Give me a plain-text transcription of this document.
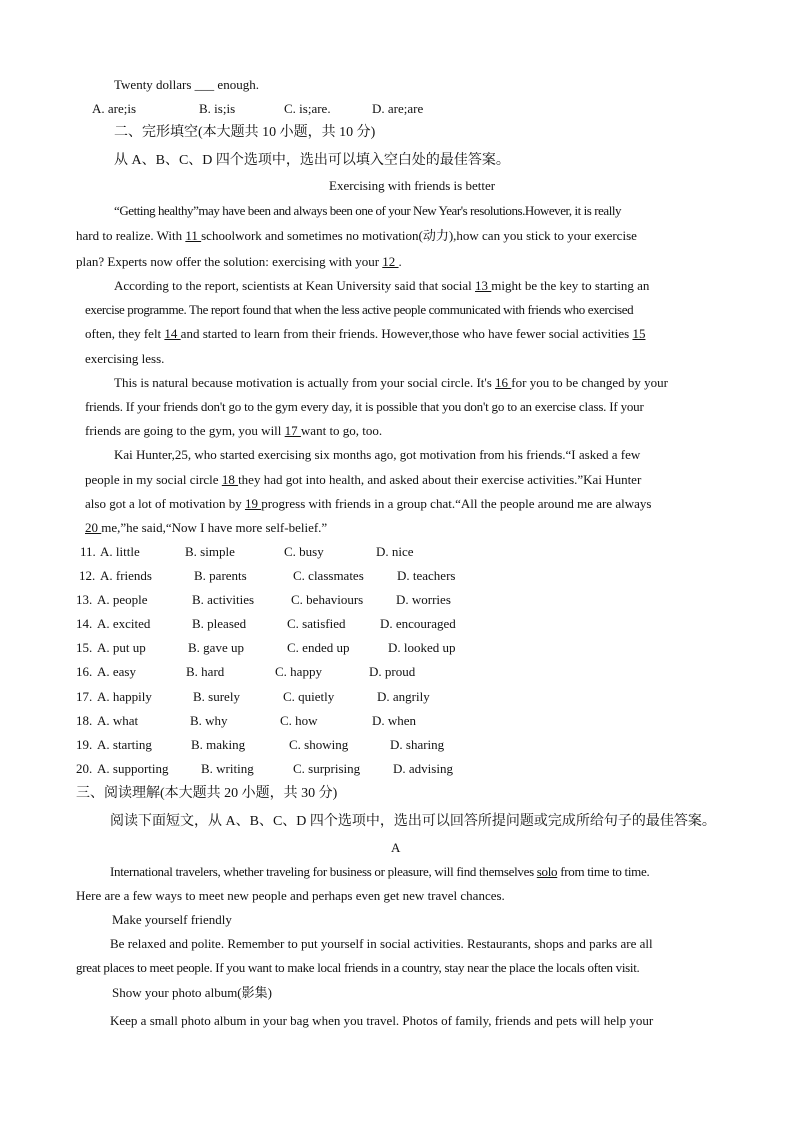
Twenty dollars ___ enough.
A. are;is	B. is;is	C. is;are.	D. are;are
二、完形填空(本大题共 10 小题，共 10 分)
从 A、B、C、D 四个选项中，选出可以填入空白处的最佳答案。
Exercising with friends is better
“Getting healthy”may have been and always been one of your New Year's resolutions.However, it is really
hard to realize. With 11 schoolwork and sometimes no motivation(动力),how can you stick to your exercise
plan? Experts now offer the solution: exercising with your 12 .
According to the report, scientists at Kean University said that social 13 might be the key to starting an
exercise programme. The report found that when the less active people communicated with friends who exercised
often, they felt 14 and started to learn from their friends. However,those who have fewer social activities 15
exercising less.
This is natural because motivation is actually from your social circle. It's 16 for you to be changed by your
friends. If your friends don't go to the gym every day, it is possible that you don't go to an exercise class. If your
friends are going to the gym, you will 17 want to go, too.
Kai Hunter,25, who started exercising six months ago, got motivation from his friends.“I asked a few
people in my social circle 18 they had got into health, and asked about their exercise activities.”Kai Hunter
also got a lot of motivation by 19 progress with friends in a group chat.“All the people around me are always
20 me,”he said,“Now I have more self-belief.”
11. A. little	B. simple	C. busy	D. nice
12. A. friends	B. parents	C. classmates	D. teachers
13. A. people	B. activities	C. behaviours	D. worries
14. A. excited	B. pleased	C. satisfied	D. encouraged
15. A. put up	B. gave up	C. ended up	D. looked up
16. A. easy	B. hard	C. happy	D. proud
17. A. happily	B. surely	C. quietly	D. angrily
18. A. what	B. why	C. how	D. when
19. A. starting	B. making	C. showing	D. sharing
20. A. supporting	B. writing	C. surprising	D. advising
三、阅读理解(本大题共 20 小题，共 30 分)
阅读下面短文，从 A、B、C、D 四个选项中，选出可以回答所提问题或完成所给句子的最佳答案。
A
International travelers, whether traveling for business or pleasure, will find themselves solo from time to time.
Here are a few ways to meet new people and perhaps even get new travel chances.
Make yourself friendly
Be relaxed and polite. Remember to put yourself in social activities. Restaurants, shops and parks are all
great places to meet people. If you want to make local friends in a country, stay near the place the locals often visit.
Show your photo album(影集)
Keep a small photo album in your bag when you travel. Photos of family, friends and pets will help your
